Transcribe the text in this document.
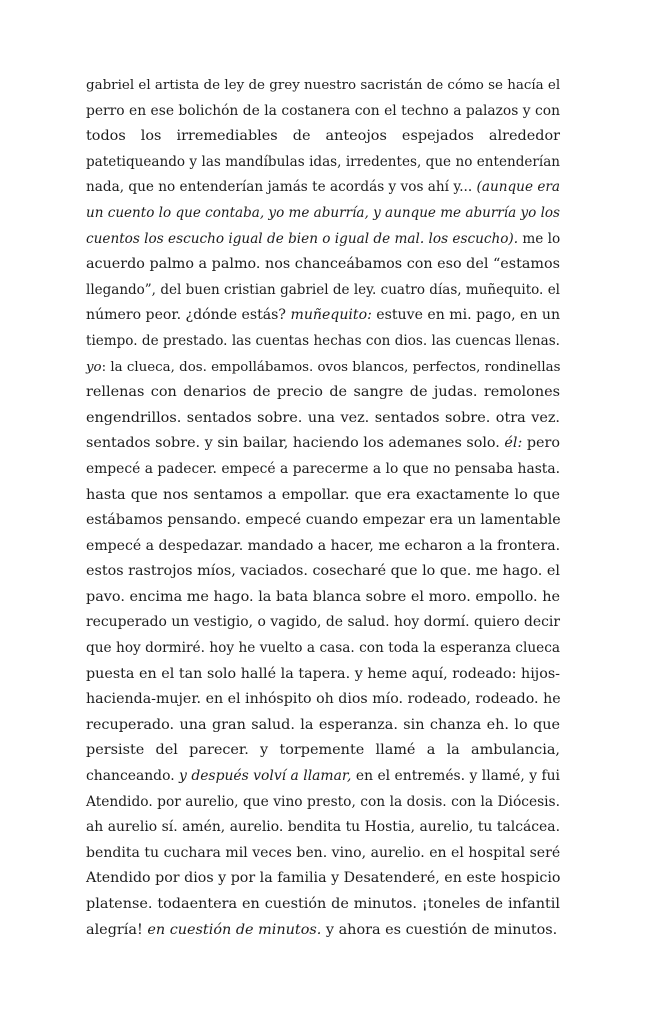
gabriel el artista de ley de grey nuestro sacristán de cómo se hacía el
perro en ese bolichón de la costanera con el techno a palazos y con
todos los irremediables de anteojos espejados alrededor
patetiqueando y las mandíbulas idas, irredentes, que no entenderían
nada, que no entenderían jamás te acordás y vos ahí y... (aunque era
un cuento lo que contaba, yo me aburría, y aunque me aburría yo los
cuentos los escucho igual de bien o igual de mal. los escucho). me lo
acuerdo palmo a palmo. nos chanceábamos con eso del “estamos
llegando”, del buen cristian gabriel de ley. cuatro días, muñequito. el
número peor. ¿dónde estás? muñequito: estuve en mi. pago, en un
tiempo. de prestado. las cuentas hechas con dios. las cuencas llenas.
yo: la clueca, dos. empollábamos. ovos blancos, perfectos, rondinellas
rellenas con denarios de precio de sangre de judas. remolones
engendrillos. sentados sobre. una vez. sentados sobre. otra vez.
sentados sobre. y sin bailar, haciendo los ademanes solo. él: pero
empecé a padecer. empecé a parecerme a lo que no pensaba hasta.
hasta que nos sentamos a empollar. que era exactamente lo que
estábamos pensando. empecé cuando empezar era un lamentable
empecé a despedazar. mandado a hacer, me echaron a la frontera.
estos rastrojos míos, vaciados. cosecharé que lo que. me hago. el
pavo. encima me hago. la bata blanca sobre el moro. empollo. he
recuperado un vestigio, o vagido, de salud. hoy dormí. quiero decir
que hoy dormiré. hoy he vuelto a casa. con toda la esperanza clueca
puesta en el tan solo hallé la tapera. y heme aquí, rodeado: hijos-
hacienda-mujer. en el inhóspito oh dios mío. rodeado, rodeado. he
recuperado. una gran salud. la esperanza. sin chanza eh. lo que
persiste del parecer. y torpemente llamé a la ambulancia,
chanceando. y después volví a llamar, en el entremés. y llamé, y fui
Atendido. por aurelio, que vino presto, con la dosis. con la Diócesis.
ah aurelio sí. amén, aurelio. bendita tu Hostia, aurelio, tu talcácea.
bendita tu cuchara mil veces ben. vino, aurelio. en el hospital seré
Atendido por dios y por la familia y Desatenderé, en este hospicio
platense. todaentera en cuestión de minutos. ¡toneles de infantil
alegría! en cuestión de minutos. y ahora es cuestión de minutos.
